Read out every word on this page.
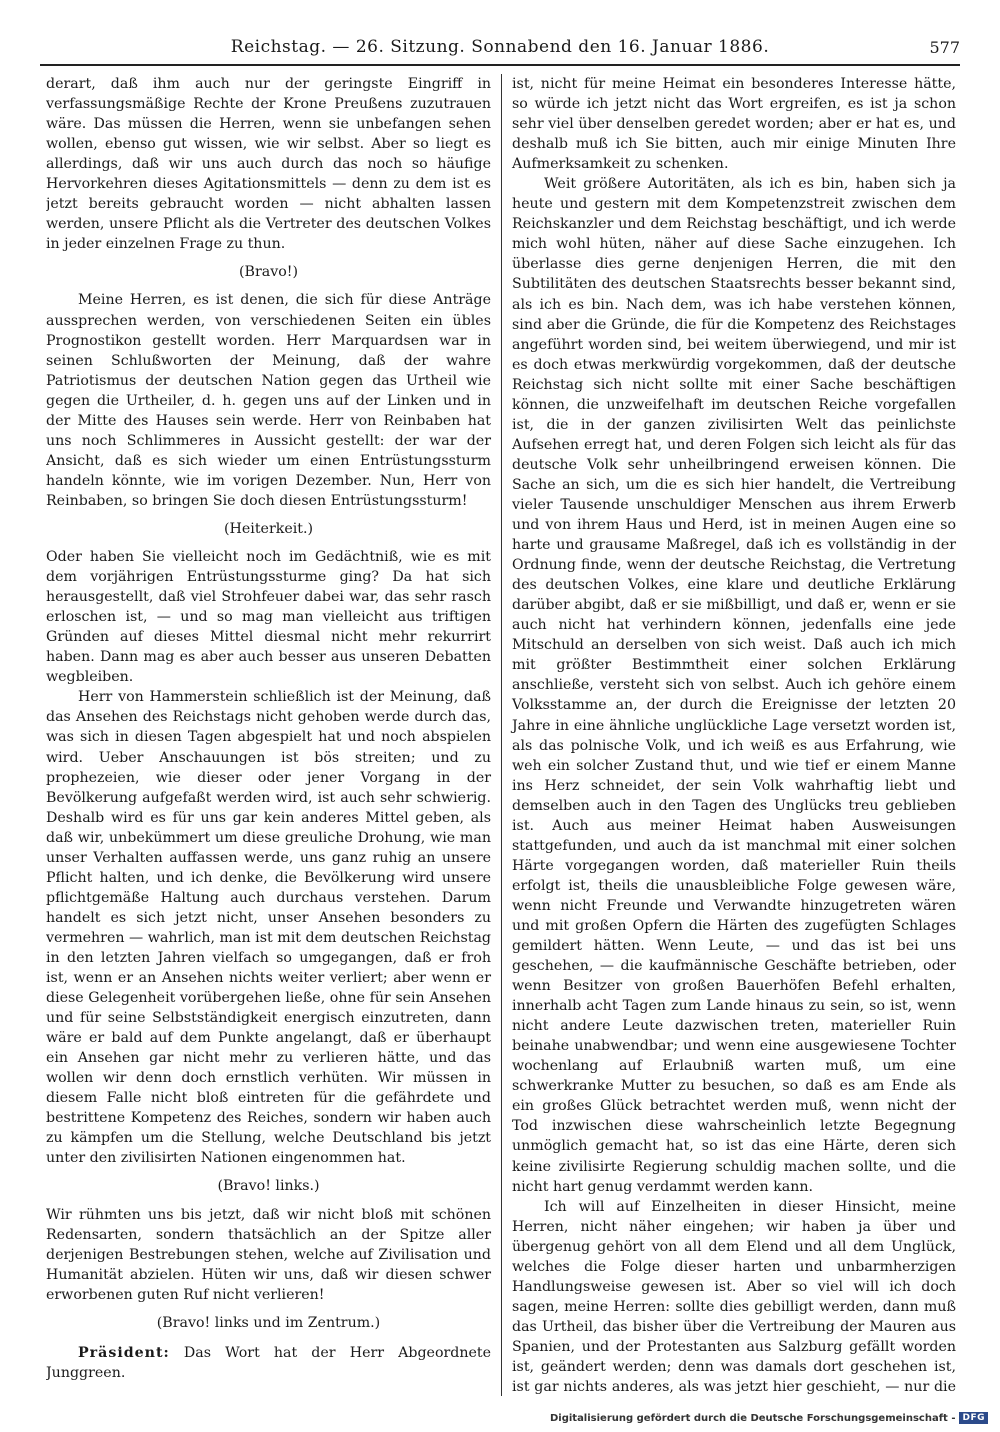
Reichstag. — 26. Sitzung. Sonnabend den 16. Januar 1886.	577

derart, daß ihm auch nur der geringste Eingriff in verfassungsmäßige Rechte der Krone Preußens zuzutrauen wäre. Das müssen die Herren, wenn sie unbefangen sehen wollen, ebenso gut wissen, wie wir selbst. Aber so liegt es allerdings, daß wir uns auch durch das noch so häufige Hervorkehren dieses Agitationsmittels — denn zu dem ist es jetzt bereits gebraucht worden — nicht abhalten lassen werden, unsere Pflicht als die Vertreter des deutschen Volkes in jeder einzelnen Frage zu thun.

(Bravo!)

Meine Herren, es ist denen, die sich für diese Anträge aussprechen werden, von verschiedenen Seiten ein übles Prognostikon gestellt worden. Herr Marquardsen war in seinen Schlußworten der Meinung, daß der wahre Patriotismus der deutschen Nation gegen das Urtheil wie gegen die Urtheiler, d. h. gegen uns auf der Linken und in der Mitte des Hauses sein werde. Herr von Reinbaben hat uns noch Schlimmeres in Aussicht gestellt: der war der Ansicht, daß es sich wieder um einen Entrüstungssturm handeln könnte, wie im vorigen Dezember. Nun, Herr von Reinbaben, so bringen Sie doch diesen Entrüstungssturm!

(Heiterkeit.)

Oder haben Sie vielleicht noch im Gedächtniß, wie es mit dem vorjährigen Entrüstungssturme ging? Da hat sich herausgestellt, daß viel Strohfeuer dabei war, das sehr rasch erloschen ist, — und so mag man vielleicht aus triftigen Gründen auf dieses Mittel diesmal nicht mehr rekurrirt haben. Dann mag es aber auch besser aus unseren Debatten wegbleiben.

Herr von Hammerstein schließlich ist der Meinung, daß das Ansehen des Reichstags nicht gehoben werde durch das, was sich in diesen Tagen abgespielt hat und noch abspielen wird. Ueber Anschauungen ist bös streiten; und zu prophezeien, wie dieser oder jener Vorgang in der Bevölkerung aufgefaßt werden wird, ist auch sehr schwierig. Deshalb wird es für uns gar kein anderes Mittel geben, als daß wir, unbekümmert um diese greuliche Drohung, wie man unser Verhalten auffassen werde, uns ganz ruhig an unsere Pflicht halten, und ich denke, die Bevölkerung wird unsere pflichtgemäße Haltung auch durchaus verstehen. Darum handelt es sich jetzt nicht, unser Ansehen besonders zu vermehren — wahrlich, man ist mit dem deutschen Reichstag in den letzten Jahren vielfach so umgegangen, daß er froh ist, wenn er an Ansehen nichts weiter verliert; aber wenn er diese Gelegenheit vorübergehen ließe, ohne für sein Ansehen und für seine Selbstständigkeit energisch einzutreten, dann wäre er bald auf dem Punkte angelangt, daß er überhaupt ein Ansehen gar nicht mehr zu verlieren hätte, und das wollen wir denn doch ernstlich verhüten. Wir müssen in diesem Falle nicht bloß eintreten für die gefährdete und bestrittene Kompetenz des Reiches, sondern wir haben auch zu kämpfen um die Stellung, welche Deutschland bis jetzt unter den zivilisirten Nationen eingenommen hat.

(Bravo! links.)

Wir rühmten uns bis jetzt, daß wir nicht bloß mit schönen Redensarten, sondern thatsächlich an der Spitze aller derjenigen Bestrebungen stehen, welche auf Zivilisation und Humanität abzielen. Hüten wir uns, daß wir diesen schwer erworbenen guten Ruf nicht verlieren!

(Bravo! links und im Zentrum.)

Präsident: Das Wort hat der Herr Abgeordnete Junggreen.

ist, nicht für meine Heimat ein besonderes Interesse hätte, so würde ich jetzt nicht das Wort ergreifen, es ist ja schon sehr viel über denselben geredet worden; aber er hat es, und deshalb muß ich Sie bitten, auch mir einige Minuten Ihre Aufmerksamkeit zu schenken.

Weit größere Autoritäten, als ich es bin, haben sich ja heute und gestern mit dem Kompetenzstreit zwischen dem Reichskanzler und dem Reichstag beschäftigt, und ich werde mich wohl hüten, näher auf diese Sache einzugehen. Ich überlasse dies gerne denjenigen Herren, die mit den Subtilitäten des deutschen Staatsrechts besser bekannt sind, als ich es bin. Nach dem, was ich habe verstehen können, sind aber die Gründe, die für die Kompetenz des Reichstages angeführt worden sind, bei weitem überwiegend, und mir ist es doch etwas merkwürdig vorgekommen, daß der deutsche Reichstag sich nicht sollte mit einer Sache beschäftigen können, die unzweifelhaft im deutschen Reiche vorgefallen ist, die in der ganzen zivilisirten Welt das peinlichste Aufsehen erregt hat, und deren Folgen sich leicht als für das deutsche Volk sehr unheilbringend erweisen können. Die Sache an sich, um die es sich hier handelt, die Vertreibung vieler Tausende unschuldiger Menschen aus ihrem Erwerb und von ihrem Haus und Herd, ist in meinen Augen eine so harte und grausame Maßregel, daß ich es vollständig in der Ordnung finde, wenn der deutsche Reichstag, die Vertretung des deutschen Volkes, eine klare und deutliche Erklärung darüber abgibt, daß er sie mißbilligt, und daß er, wenn er sie auch nicht hat verhindern können, jedenfalls eine jede Mitschuld an derselben von sich weist. Daß auch ich mich mit größter Bestimmtheit einer solchen Erklärung anschließe, versteht sich von selbst. Auch ich gehöre einem Volksstamme an, der durch die Ereignisse der letzten 20 Jahre in eine ähnliche unglückliche Lage versetzt worden ist, als das polnische Volk, und ich weiß es aus Erfahrung, wie weh ein solcher Zustand thut, und wie tief er einem Manne ins Herz schneidet, der sein Volk wahrhaftig liebt und demselben auch in den Tagen des Unglücks treu geblieben ist. Auch aus meiner Heimat haben Ausweisungen stattgefunden, und auch da ist manchmal mit einer solchen Härte vorgegangen worden, daß materieller Ruin theils erfolgt ist, theils die unausbleibliche Folge gewesen wäre, wenn nicht Freunde und Verwandte hinzugetreten wären und mit großen Opfern die Härten des zugefügten Schlages gemildert hätten. Wenn Leute, — und das ist bei uns geschehen, — die kaufmännische Geschäfte betrieben, oder wenn Besitzer von großen Bauerhöfen Befehl erhalten, innerhalb acht Tagen zum Lande hinaus zu sein, so ist, wenn nicht andere Leute dazwischen treten, materieller Ruin beinahe unabwendbar; und wenn eine ausgewiesene Tochter wochenlang auf Erlaubniß warten muß, um eine schwerkranke Mutter zu besuchen, so daß es am Ende als ein großes Glück betrachtet werden muß, wenn nicht der Tod inzwischen diese wahrscheinlich letzte Begegnung unmöglich gemacht hat, so ist das eine Härte, deren sich keine zivilisirte Regierung schuldig machen sollte, und die nicht hart genug verdammt werden kann.

Ich will auf Einzelheiten in dieser Hinsicht, meine Herren, nicht näher eingehen; wir haben ja über und übergenug gehört von all dem Elend und all dem Unglück, welches die Folge dieser harten und unbarmherzigen Handlungsweise gewesen ist. Aber so viel will ich doch sagen, meine Herren: sollte dies gebilligt werden, dann muß das Urtheil, das bisher über die Vertreibung der Mauren aus Spanien, und der Protestanten aus Salzburg gefällt worden ist, geändert werden; denn was damals dort geschehen ist, ist gar nichts anderes, als was jetzt hier geschieht, — nur die

Digitalisierung gefördert durch die Deutsche Forschungsgemeinschaft - DFG
